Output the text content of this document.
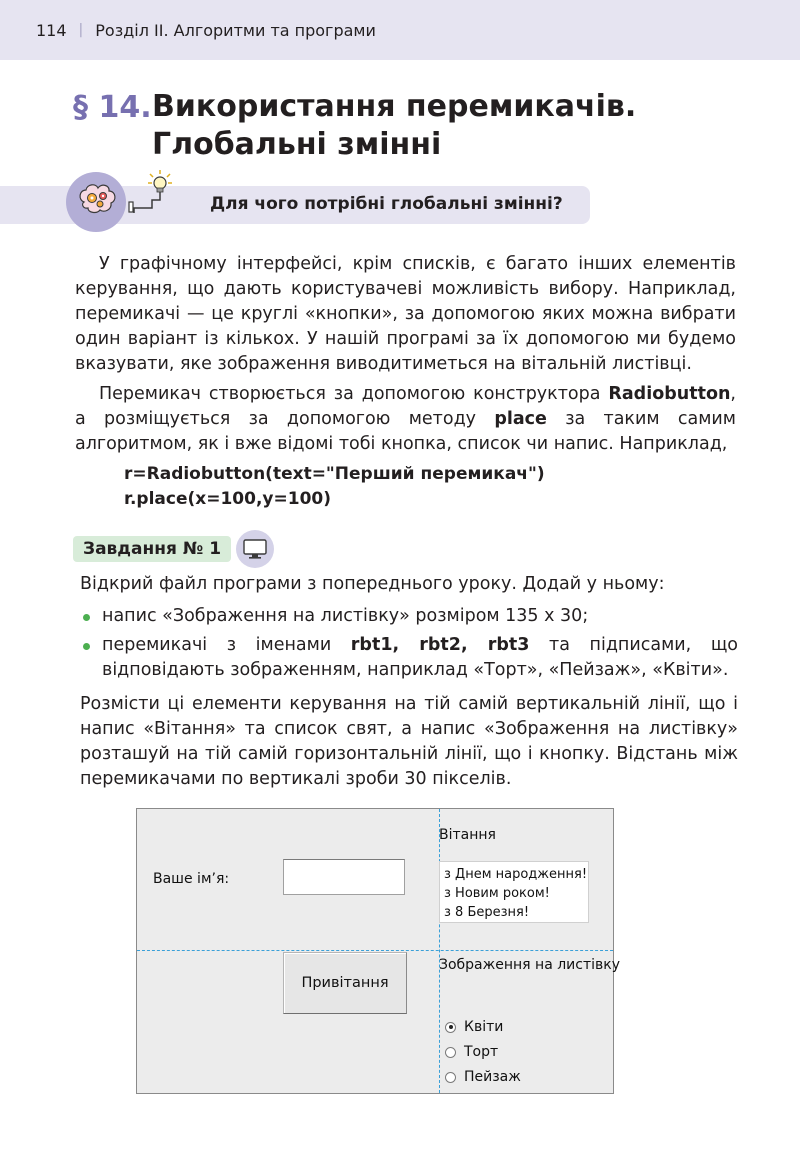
114 | Розділ ІІ. Алгоритми та програми
§ 14. Використання перемикачів.
Глобальні змінні
Для чого потрібні глобальні змінні?

У графічному інтерфейсі, крім списків, є багато інших елементів керування, що дають користувачеві можливість вибору. Наприклад, перемикачі — це круглі «кнопки», за допомогою яких можна вибрати один варіант із кількох. У нашій програмі за їх допомогою ми будемо вказувати, яке зображення виводитиметься на вітальній листівці.

Перемикач створюється за допомогою конструктора Radiobutton, а розміщується за допомогою методу place за таким самим алгоритмом, як і вже відомі тобі кнопка, список чи напис. Наприклад,

r=Radiobutton(text="Перший перемикач")
r.place(x=100,y=100)
Завдання № 1

Відкрий файл програми з попереднього уроку. Додай у ньому:

напис «Зображення на листівку» розміром 135 x 30;
перемикачі з іменами rbt1, rbt2, rbt3 та підписами, що відповідають зображенням, наприклад «Торт», «Пейзаж», «Квіти».

Розмісти ці елементи керування на тій самій вертикальній лінії, що і напис «Вітання» та список свят, а напис «Зображення на листівку» розташуй на тій самій горизонтальній лінії, що і кнопку. Відстань між перемикачами по вертикалі зроби 30 пікселів.

Вітання
Ваше ім’я:	з Днем народження!
з Новим роком!
з 8 Березня!
Привітання
Зображення на листівку
Квіти
Торт
Пейзаж
